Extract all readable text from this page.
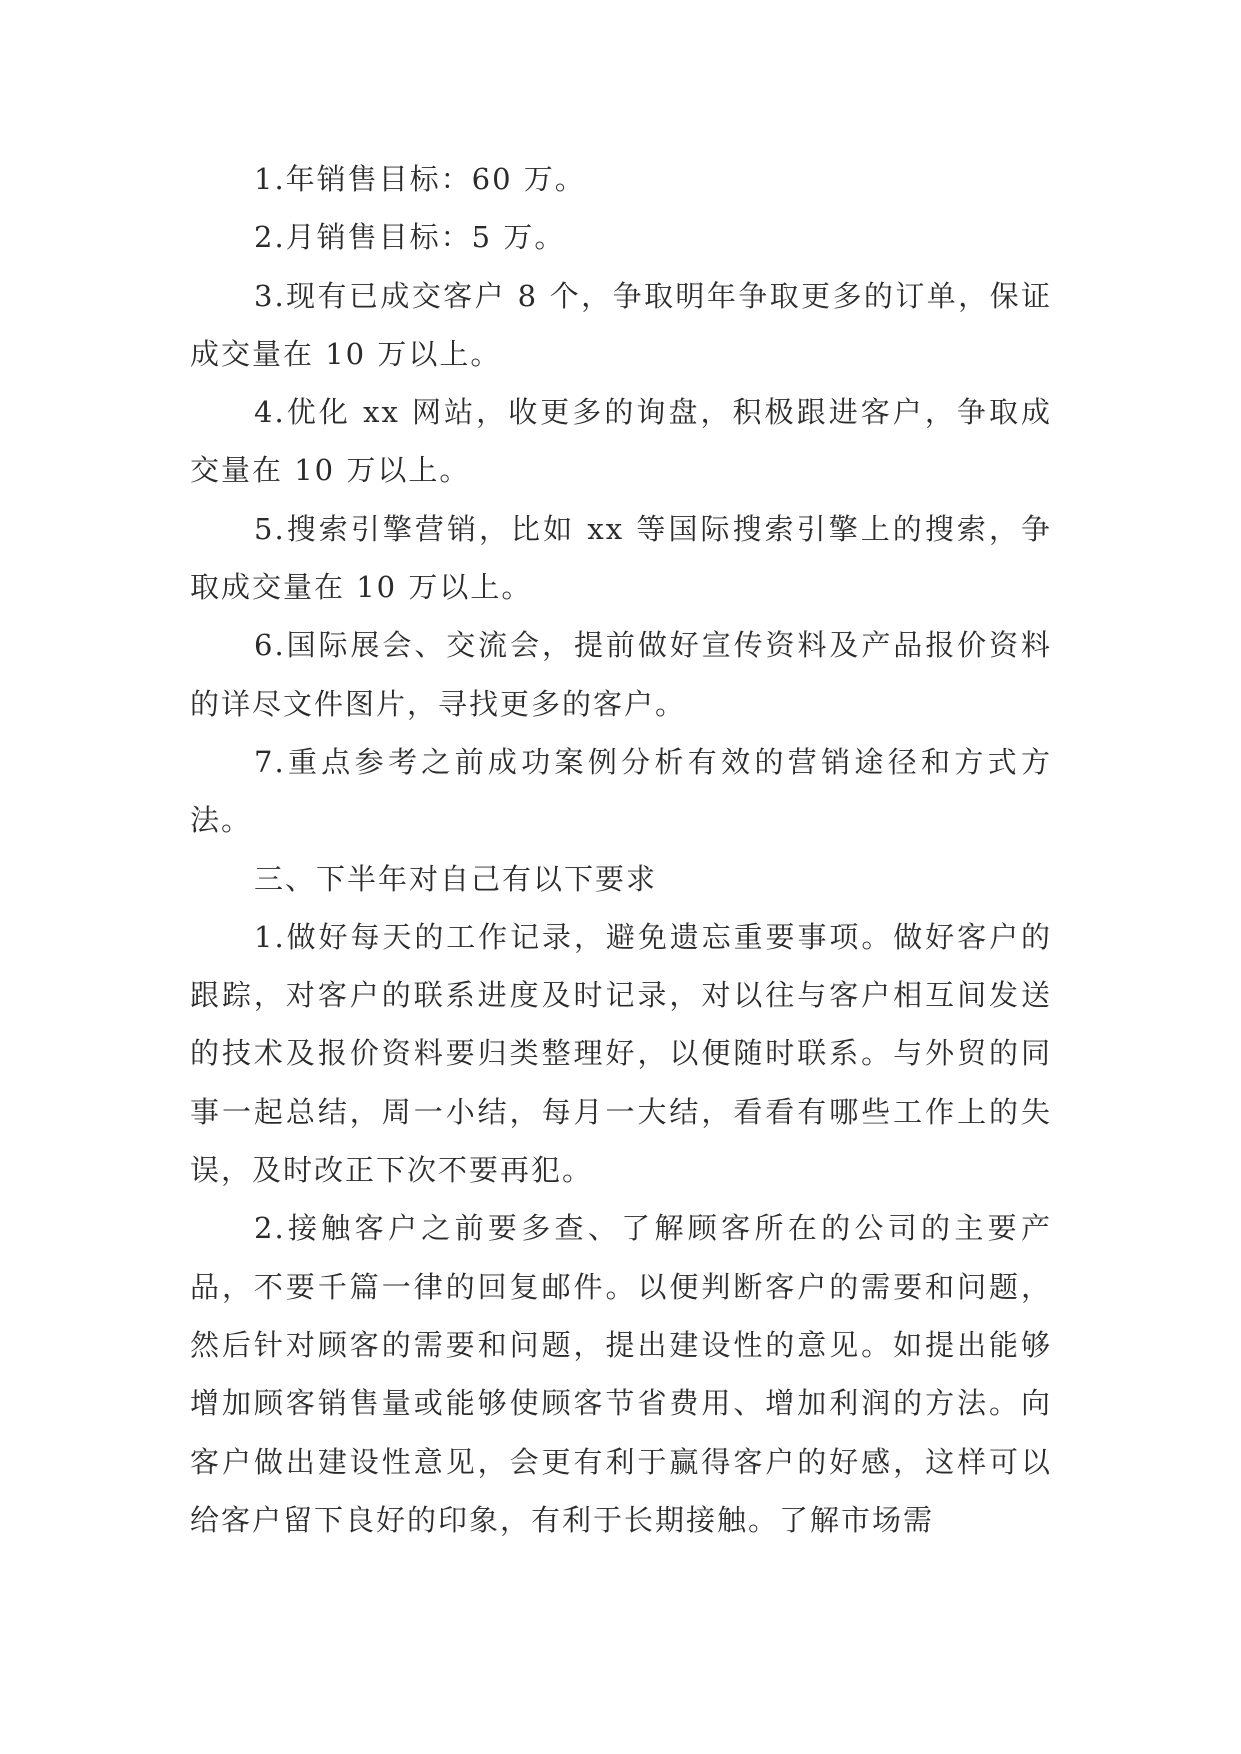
1.年销售目标：60 万。

2.月销售目标：5 万。

3.现有已成交客户 8 个，争取明年争取更多的订单，保证成交量在 10 万以上。

4.优化 xx 网站，收更多的询盘，积极跟进客户，争取成交量在 10 万以上。

5.搜索引擎营销，比如 xx 等国际搜索引擎上的搜索，争取成交量在 10 万以上。

6.国际展会、交流会，提前做好宣传资料及产品报价资料的详尽文件图片，寻找更多的客户。

7.重点参考之前成功案例分析有效的营销途径和方式方法。

三、下半年对自己有以下要求

1.做好每天的工作记录，避免遗忘重要事项。做好客户的跟踪，对客户的联系进度及时记录，对以往与客户相互间发送的技术及报价资料要归类整理好，以便随时联系。与外贸的同事一起总结，周一小结，每月一大结，看看有哪些工作上的失误，及时改正下次不要再犯。

2.接触客户之前要多查、了解顾客所在的公司的主要产品，不要千篇一律的回复邮件。以便判断客户的需要和问题，然后针对顾客的需要和问题，提出建设性的意见。如提出能够增加顾客销售量或能够使顾客节省费用、增加利润的方法。向客户做出建设性意见，会更有利于赢得客户的好感，这样可以给客户留下良好的印象，有利于长期接触。了解市场需
